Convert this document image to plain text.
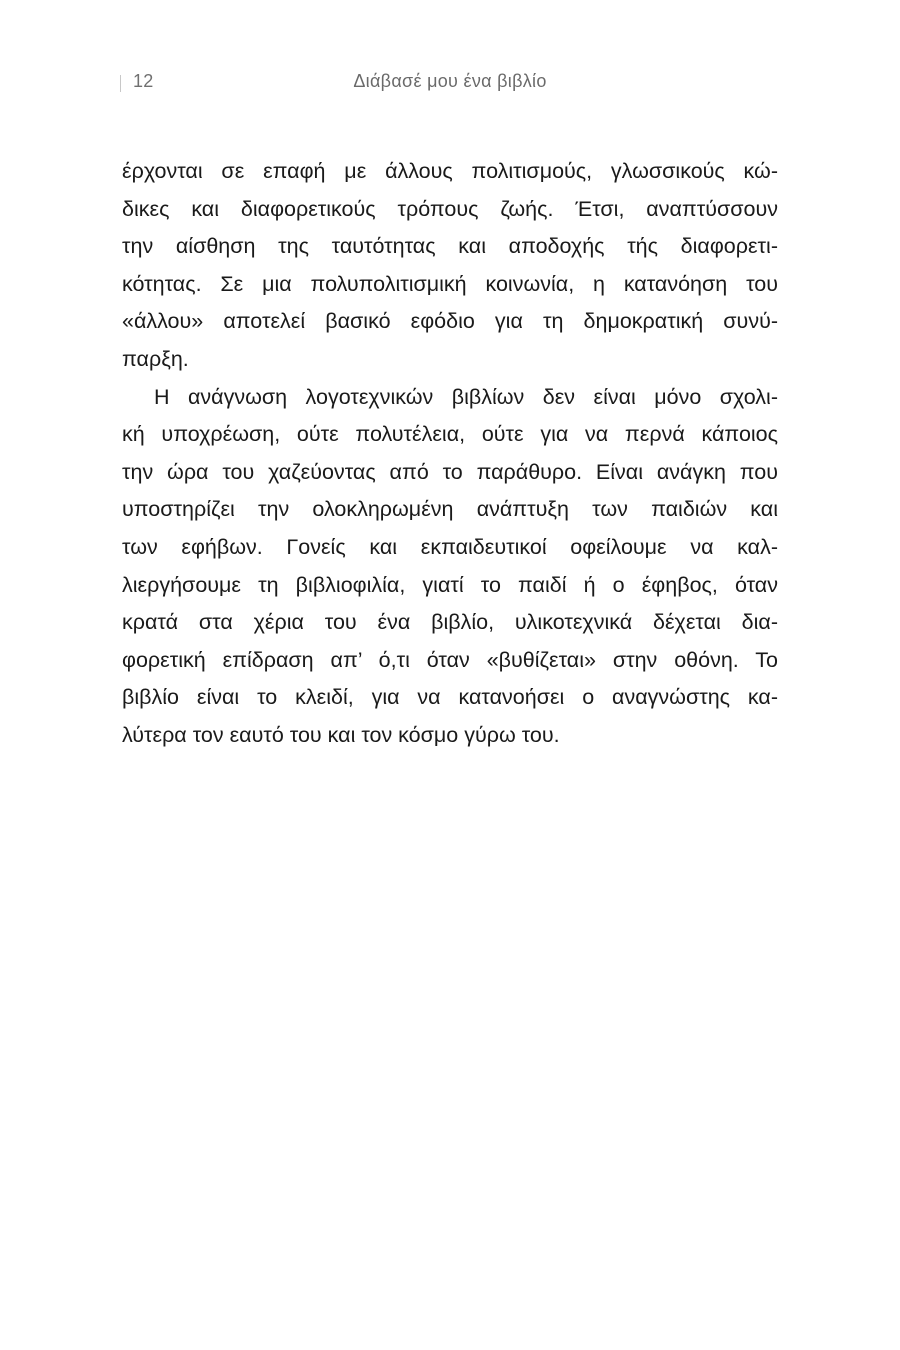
12	Διάβασέ μου ένα βιβλίο

έρχονται σε επαφή με άλλους πολιτισμούς, γλωσσικούς κώ-
δικες και διαφορετικούς τρόπους ζωής. Έτσι, αναπτύσσουν
την αίσθηση της ταυτότητας και αποδοχής τής διαφορετι-
κότητας. Σε μια πολυπολιτισμική κοινωνία, η κατανόηση του
«άλλου» αποτελεί βασικό εφόδιο για τη δημοκρατική συνύ-
παρξη.

Η ανάγνωση λογοτεχνικών βιβλίων δεν είναι μόνο σχολι-
κή υποχρέωση, ούτε πολυτέλεια, ούτε για να περνά κάποιος
την ώρα του χαζεύοντας από το παράθυρο. Είναι ανάγκη που
υποστηρίζει την ολοκληρωμένη ανάπτυξη των παιδιών και
των εφήβων. Γονείς και εκπαιδευτικοί οφείλουμε να καλ-
λιεργήσουμε τη βιβλιοφιλία, γιατί το παιδί ή ο έφηβος, όταν
κρατά στα χέρια του ένα βιβλίο, υλικοτεχνικά δέχεται δια-
φορετική επίδραση απ’ ό,τι όταν «βυθίζεται» στην οθόνη. Το
βιβλίο είναι το κλειδί, για να κατανοήσει ο αναγνώστης κα-
λύτερα τον εαυτό του και τον κόσμο γύρω του.
